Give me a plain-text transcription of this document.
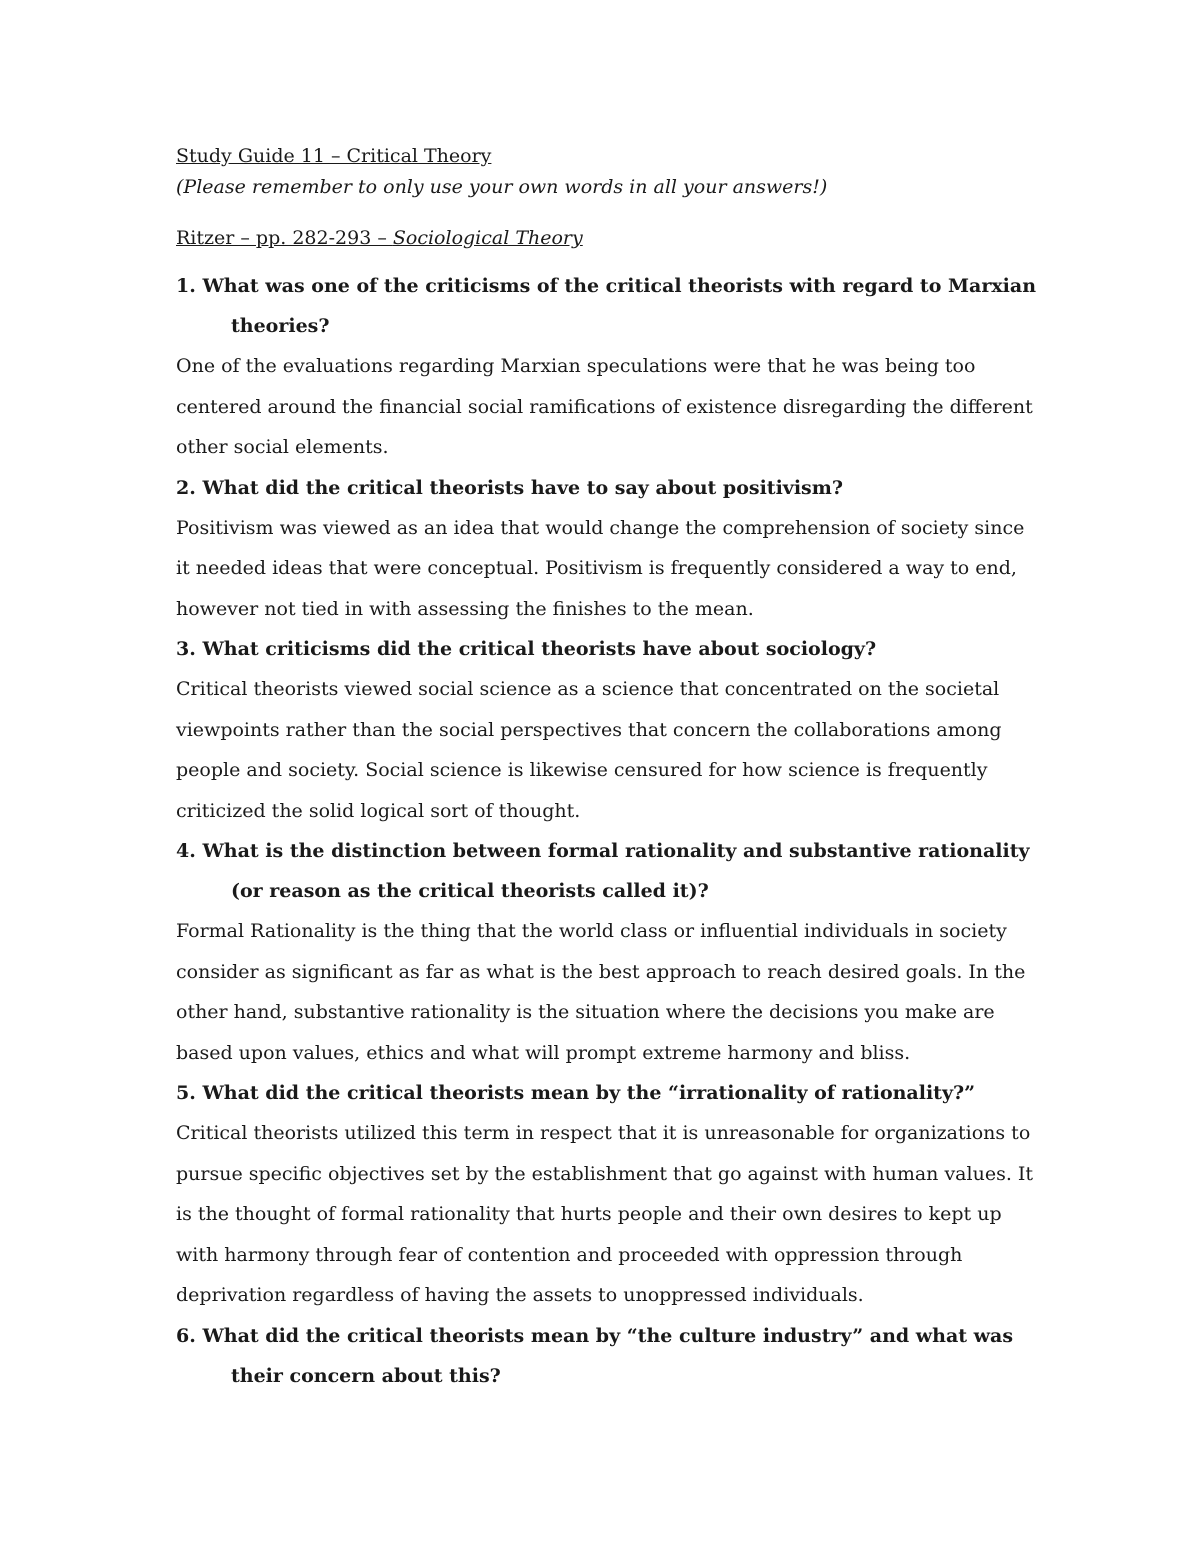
Study Guide 11 – Critical Theory

(Please remember to only use your own words in all your answers!)

Ritzer – pp. 282-293 – Sociological Theory

1. What was one of the criticisms of the critical theorists with regard to Marxian theories?

One of the evaluations regarding Marxian speculations were that he was being too centered around the financial social ramifications of existence disregarding the different other social elements.

2. What did the critical theorists have to say about positivism?

Positivism was viewed as an idea that would change the comprehension of society since it needed ideas that were conceptual. Positivism is frequently considered a way to end, however not tied in with assessing the finishes to the mean.

3. What criticisms did the critical theorists have about sociology?

Critical theorists viewed social science as a science that concentrated on the societal viewpoints rather than the social perspectives that concern the collaborations among people and society. Social science is likewise censured for how science is frequently criticized the solid logical sort of thought.

4. What is the distinction between formal rationality and substantive rationality (or reason as the critical theorists called it)?

Formal Rationality is the thing that the world class or influential individuals in society consider as significant as far as what is the best approach to reach desired goals. In the other hand, substantive rationality is the situation where the decisions you make are based upon values, ethics and what will prompt extreme harmony and bliss.

5. What did the critical theorists mean by the “irrationality of rationality?”

Critical theorists utilized this term in respect that it is unreasonable for organizations to pursue specific objectives set by the establishment that go against with human values. It is the thought of formal rationality that hurts people and their own desires to kept up with harmony through fear of contention and proceeded with oppression through deprivation regardless of having the assets to unoppressed individuals.

6. What did the critical theorists mean by “the culture industry” and what was their concern about this?
